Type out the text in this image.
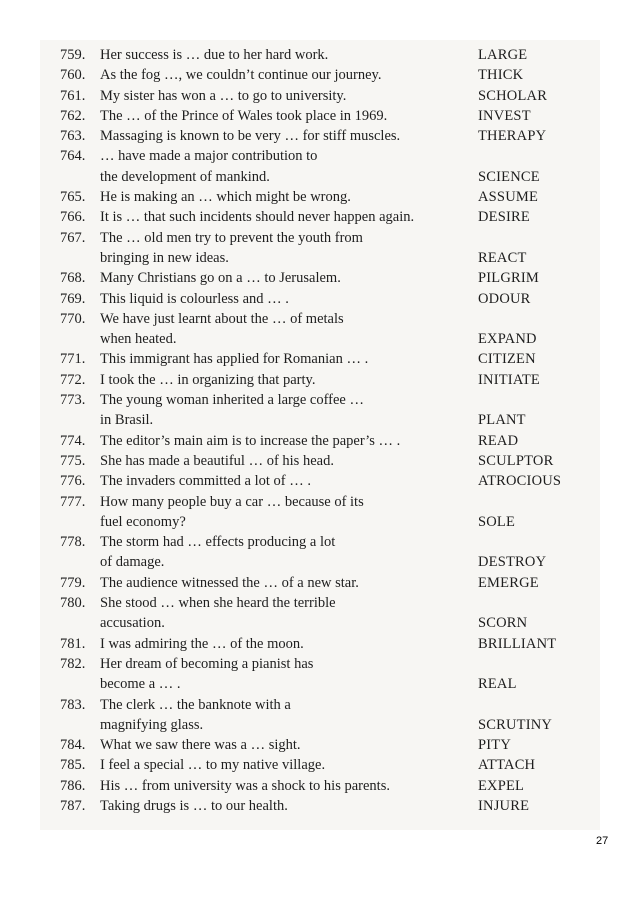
759.	Her success is … due to her hard work.	LARGE
760.	As the fog …, we couldn’t continue our journey.	THICK
761.	My sister has won a … to go to university.	SCHOLAR
762.	The … of the Prince of Wales took place in 1969.	INVEST
763.	Massaging is known to be very … for stiff muscles.	THERAPY
764.	… have made a major contribution to
the development of mankind.	SCIENCE
765.	He is making an … which might be wrong.	ASSUME
766.	It is … that such incidents should never happen again.	DESIRE
767.	The … old men try to prevent the youth from
bringing in new ideas.	REACT
768.	Many Christians go on a … to Jerusalem.	PILGRIM
769.	This liquid is colourless and … .	ODOUR
770.	We have just learnt about the … of metals
when heated.	EXPAND
771.	This immigrant has applied for Romanian … .	CITIZEN
772.	I took the … in organizing that party.	INITIATE
773.	The young woman inherited a large coffee …
in Brasil.	PLANT
774.	The editor’s main aim is to increase the paper’s … .	READ
775.	She has made a beautiful … of his head.	SCULPTOR
776.	The invaders committed a lot of … .	ATROCIOUS
777.	How many people buy a car … because of its
fuel economy?	SOLE
778.	The storm had … effects producing a lot
of damage.	DESTROY
779.	The audience witnessed the … of a new star.	EMERGE
780.	She stood … when she heard the terrible
accusation.	SCORN
781.	I was admiring the … of the moon.	BRILLIANT
782.	Her dream of becoming a pianist has
become a … .	REAL
783.	The clerk … the banknote with a
magnifying glass.	SCRUTINY
784.	What we saw there was a … sight.	PITY
785.	I feel a special … to my native village.	ATTACH
786.	His … from university was a shock to his parents.	EXPEL
787.	Taking drugs is … to our health.	INJURE
27
